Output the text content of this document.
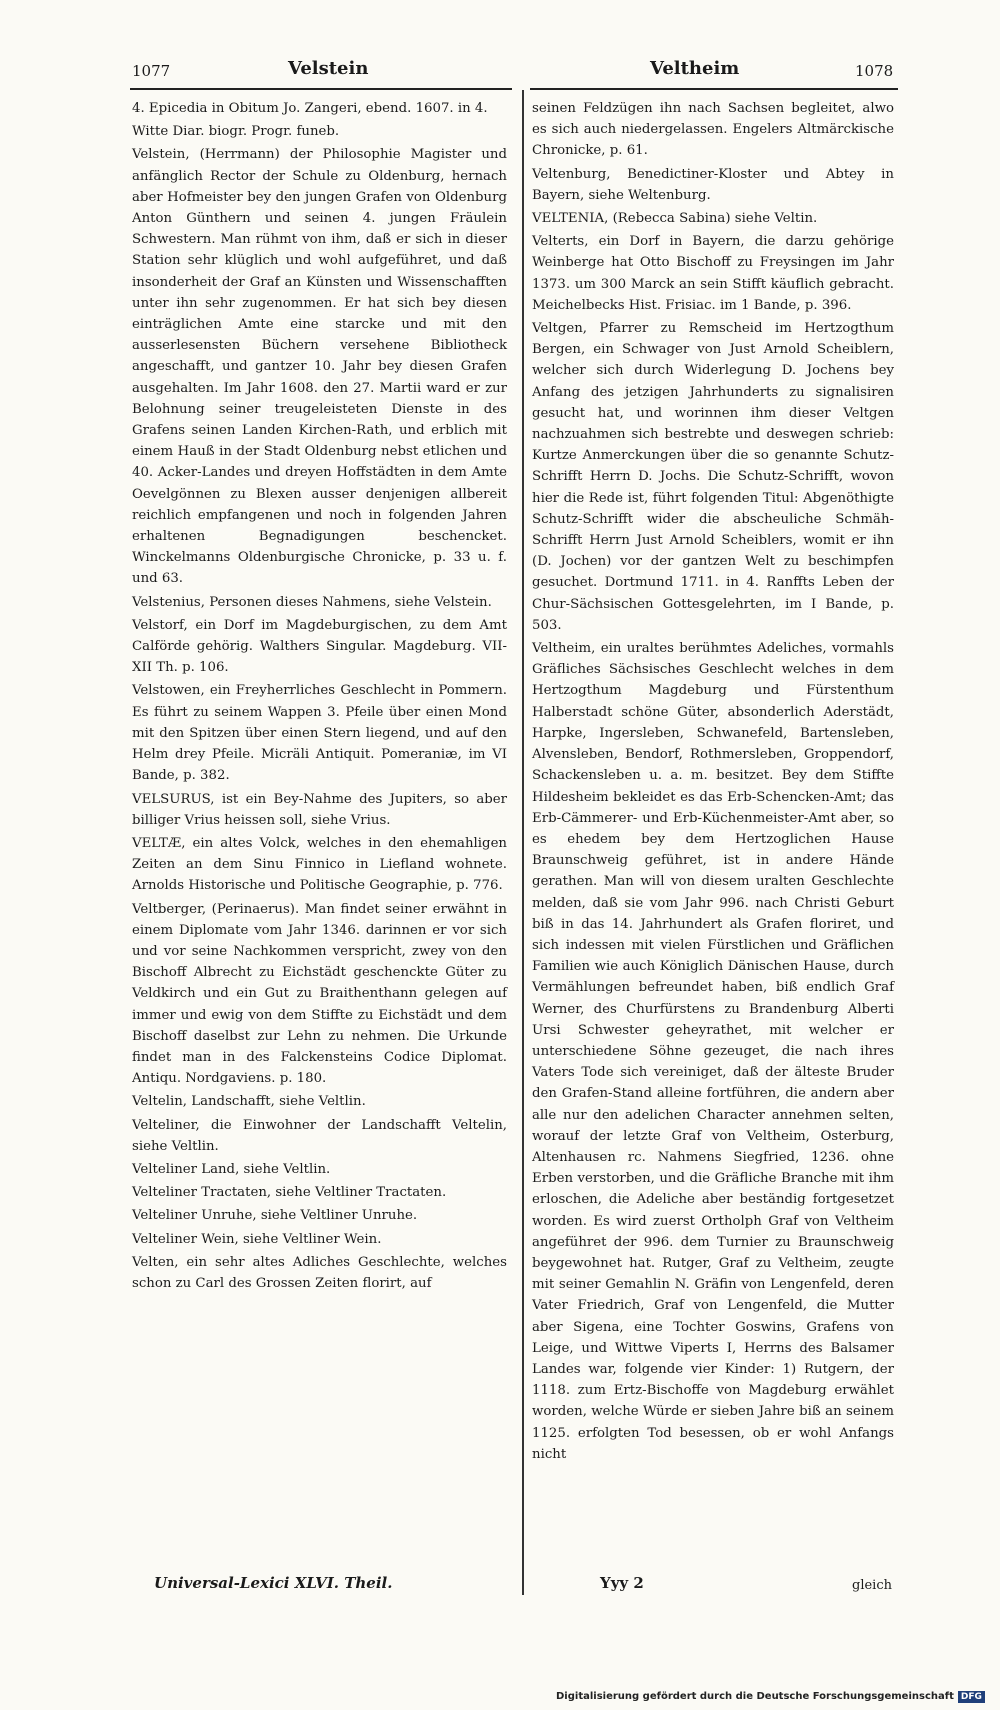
1077	Velstein	Veltheim	1078

4. Epicedia in Obitum Jo. Zangeri, ebend. 1607. in 4.

Witte Diar. biogr. Progr. funeb.

Velstein, (Herrmann) der Philosophie Magister und anfänglich Rector der Schule zu Oldenburg, hernach aber Hofmeister bey den jungen Grafen von Oldenburg Anton Günthern und seinen 4. jungen Fräulein Schwestern. Man rühmt von ihm, daß er sich in dieser Station sehr klüglich und wohl aufgeführet, und daß insonderheit der Graf an Künsten und Wissenschafften unter ihn sehr zugenommen. Er hat sich bey diesen einträglichen Amte eine starcke und mit den ausserlesensten Büchern versehene Bibliotheck angeschafft, und gantzer 10. Jahr bey diesen Grafen ausgehalten. Im Jahr 1608. den 27. Martii ward er zur Belohnung seiner treugeleisteten Dienste in des Grafens seinen Landen Kirchen-Rath, und erblich mit einem Hauß in der Stadt Oldenburg nebst etlichen und 40. Acker-Landes und dreyen Hoffstädten in dem Amte Oevelgönnen zu Blexen ausser denjenigen allbereit reichlich empfangenen und noch in folgenden Jahren erhaltenen Begnadigungen beschencket. Winckelmanns Oldenburgische Chronicke, p. 33 u. f. und 63.

Velstenius, Personen dieses Nahmens, siehe Velstein.

Velstorf, ein Dorf im Magdeburgischen, zu dem Amt Calförde gehörig. Walthers Singular. Magdeburg. VII-XII Th. p. 106.

Velstowen, ein Freyherrliches Geschlecht in Pommern. Es führt zu seinem Wappen 3. Pfeile über einen Mond mit den Spitzen über einen Stern liegend, und auf den Helm drey Pfeile. Micräli Antiquit. Pomeraniæ, im VI Bande, p. 382.

VELSURUS, ist ein Bey-Nahme des Jupiters, so aber billiger Vrius heissen soll, siehe Vrius.

VELTÆ, ein altes Volck, welches in den ehemahligen Zeiten an dem Sinu Finnico in Liefland wohnete. Arnolds Historische und Politische Geographie, p. 776.

Veltberger, (Perinaerus). Man findet seiner erwähnt in einem Diplomate vom Jahr 1346. darinnen er vor sich und vor seine Nachkommen verspricht, zwey von den Bischoff Albrecht zu Eichstädt geschenckte Güter zu Veldkirch und ein Gut zu Braithenthann gelegen auf immer und ewig von dem Stiffte zu Eichstädt und dem Bischoff daselbst zur Lehn zu nehmen. Die Urkunde findet man in des Falckensteins Codice Diplomat. Antiqu. Nordgaviens. p. 180.

Veltelin, Landschafft, siehe Veltlin.

Velteliner, die Einwohner der Landschafft Veltelin, siehe Veltlin.

Velteliner Land, siehe Veltlin.

Velteliner Tractaten, siehe Veltliner Tractaten.

Velteliner Unruhe, siehe Veltliner Unruhe.

Velteliner Wein, siehe Veltliner Wein.

Velten, ein sehr altes Adliches Geschlechte, welches schon zu Carl des Grossen Zeiten florirt, auf

seinen Feldzügen ihn nach Sachsen begleitet, alwo es sich auch niedergelassen. Engelers Altmärckische Chronicke, p. 61.

Veltenburg, Benedictiner-Kloster und Abtey in Bayern, siehe Weltenburg.

VELTENIA, (Rebecca Sabina) siehe Veltin.

Velterts, ein Dorf in Bayern, die darzu gehörige Weinberge hat Otto Bischoff zu Freysingen im Jahr 1373. um 300 Marck an sein Stifft käuflich gebracht. Meichelbecks Hist. Frisiac. im 1 Bande, p. 396.

Veltgen, Pfarrer zu Remscheid im Hertzogthum Bergen, ein Schwager von Just Arnold Scheiblern, welcher sich durch Widerlegung D. Jochens bey Anfang des jetzigen Jahrhunderts zu signalisiren gesucht hat, und worinnen ihm dieser Veltgen nachzuahmen sich bestrebte und deswegen schrieb: Kurtze Anmerckungen über die so genannte Schutz-Schrifft Herrn D. Jochs. Die Schutz-Schrifft, wovon hier die Rede ist, führt folgenden Titul: Abgenöthigte Schutz-Schrifft wider die abscheuliche Schmäh-Schrifft Herrn Just Arnold Scheiblers, womit er ihn (D. Jochen) vor der gantzen Welt zu beschimpfen gesuchet. Dortmund 1711. in 4. Ranffts Leben der Chur-Sächsischen Gottesgelehrten, im I Bande, p. 503.

Veltheim, ein uraltes berühmtes Adeliches, vormahls Gräfliches Sächsisches Geschlecht welches in dem Hertzogthum Magdeburg und Fürstenthum Halberstadt schöne Güter, absonderlich Aderstädt, Harpke, Ingersleben, Schwanefeld, Bartensleben, Alvensleben, Bendorf, Rothmersleben, Groppendorf, Schackensleben u. a. m. besitzet. Bey dem Stiffte Hildesheim bekleidet es das Erb-Schencken-Amt; das Erb-Cämmerer- und Erb-Küchenmeister-Amt aber, so es ehedem bey dem Hertzoglichen Hause Braunschweig geführet, ist in andere Hände gerathen. Man will von diesem uralten Geschlechte melden, daß sie vom Jahr 996. nach Christi Geburt biß in das 14. Jahrhundert als Grafen floriret, und sich indessen mit vielen Fürstlichen und Gräflichen Familien wie auch Königlich Dänischen Hause, durch Vermählungen befreundet haben, biß endlich Graf Werner, des Churfürstens zu Brandenburg Alberti Ursi Schwester geheyrathet, mit welcher er unterschiedene Söhne gezeuget, die nach ihres Vaters Tode sich vereiniget, daß der älteste Bruder den Grafen-Stand alleine fortführen, die andern aber alle nur den adelichen Character annehmen selten, worauf der letzte Graf von Veltheim, Osterburg, Altenhausen rc. Nahmens Siegfried, 1236. ohne Erben verstorben, und die Gräfliche Branche mit ihm erloschen, die Adeliche aber beständig fortgesetzet worden. Es wird zuerst Ortholph Graf von Veltheim angeführet der 996. dem Turnier zu Braunschweig beygewohnet hat. Rutger, Graf zu Veltheim, zeugte mit seiner Gemahlin N. Gräfin von Lengenfeld, deren Vater Friedrich, Graf von Lengenfeld, die Mutter aber Sigena, eine Tochter Goswins, Grafens von Leige, und Wittwe Viperts I, Herrns des Balsamer Landes war, folgende vier Kinder: 1) Rutgern, der 1118. zum Ertz-Bischoffe von Magdeburg erwählet worden, welche Würde er sieben Jahre biß an seinem 1125. erfolgten Tod besessen, ob er wohl Anfangs nicht

Universal-Lexici XLVI. Theil.	Yyy 2	gleich
Digitalisierung gefördert durch die Deutsche Forschungsgemeinschaft DFG
